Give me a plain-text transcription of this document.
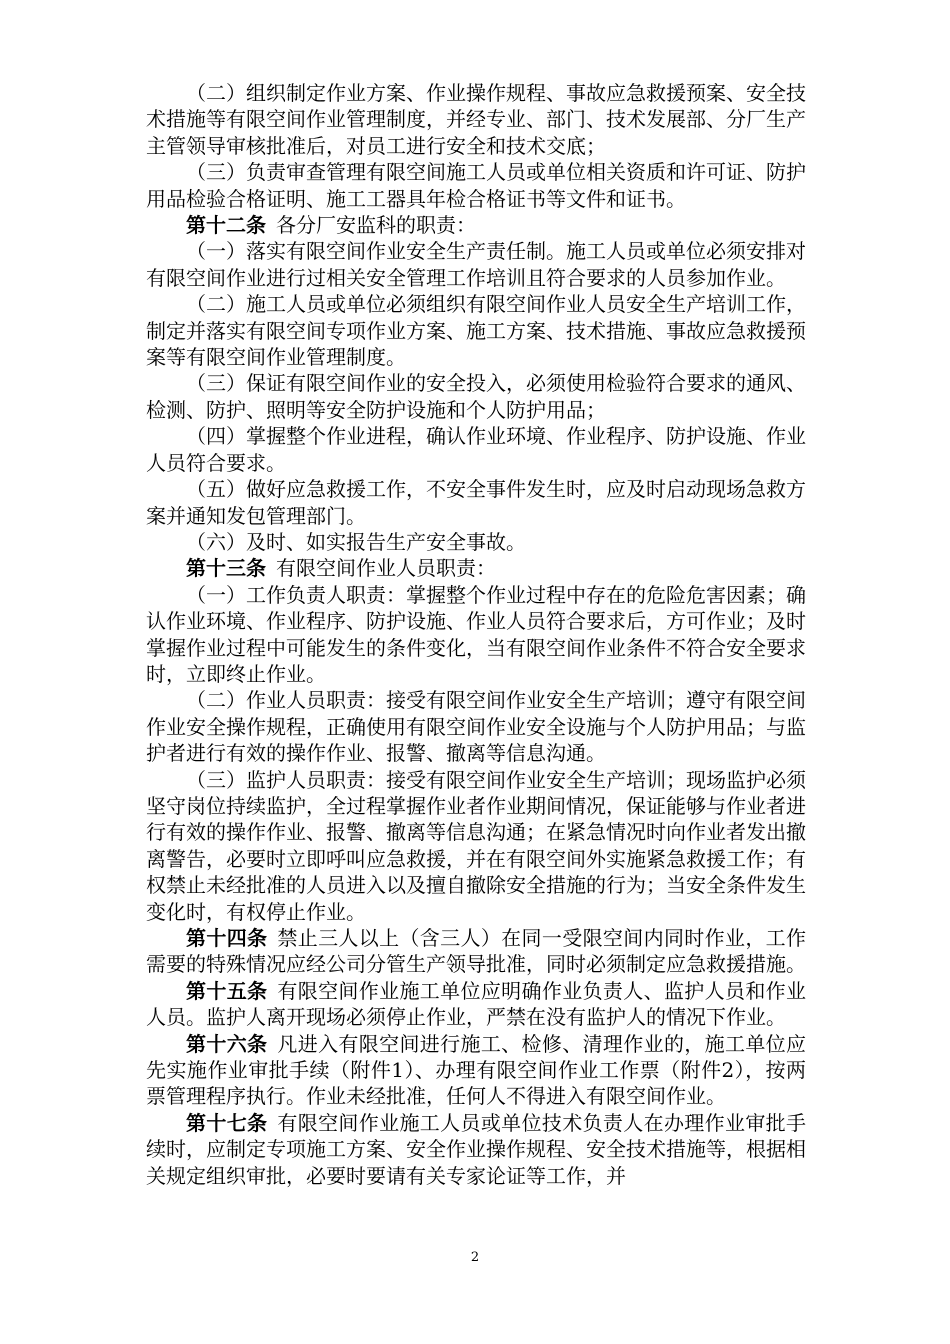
（二）组织制定作业方案、作业操作规程、事故应急救援预案、安全技术措施等有限空间作业管理制度，并经专业、部门、技术发展部、分厂生产主管领导审核批准后，对员工进行安全和技术交底；

（三）负责审查管理有限空间施工人员或单位相关资质和许可证、防护用品检验合格证明、施工工器具年检合格证书等文件和证书。

第十二条 各分厂安监科的职责：

（一）落实有限空间作业安全生产责任制。施工人员或单位必须安排对有限空间作业进行过相关安全管理工作培训且符合要求的人员参加作业。

（二）施工人员或单位必须组织有限空间作业人员安全生产培训工作，制定并落实有限空间专项作业方案、施工方案、技术措施、事故应急救援预案等有限空间作业管理制度。

（三）保证有限空间作业的安全投入，必须使用检验符合要求的通风、检测、防护、照明等安全防护设施和个人防护用品；

（四）掌握整个作业进程，确认作业环境、作业程序、防护设施、作业人员符合要求。

（五）做好应急救援工作，不安全事件发生时，应及时启动现场急救方案并通知发包管理部门。

（六）及时、如实报告生产安全事故。

第十三条 有限空间作业人员职责：

（一）工作负责人职责：掌握整个作业过程中存在的危险危害因素；确认作业环境、作业程序、防护设施、作业人员符合要求后，方可作业；及时掌握作业过程中可能发生的条件变化，当有限空间作业条件不符合安全要求时，立即终止作业。

（二）作业人员职责：接受有限空间作业安全生产培训；遵守有限空间作业安全操作规程，正确使用有限空间作业安全设施与个人防护用品；与监护者进行有效的操作作业、报警、撤离等信息沟通。

（三）监护人员职责：接受有限空间作业安全生产培训；现场监护必须坚守岗位持续监护，全过程掌握作业者作业期间情况，保证能够与作业者进行有效的操作作业、报警、撤离等信息沟通；在紧急情况时向作业者发出撤离警告，必要时立即呼叫应急救援，并在有限空间外实施紧急救援工作；有权禁止未经批准的人员进入以及擅自撤除安全措施的行为；当安全条件发生变化时，有权停止作业。

第十四条 禁止三人以上（含三人）在同一受限空间内同时作业，工作需要的特殊情况应经公司分管生产领导批准，同时必须制定应急救援措施。

第十五条 有限空间作业施工单位应明确作业负责人、监护人员和作业人员。监护人离开现场必须停止作业，严禁在没有监护人的情况下作业。

第十六条 凡进入有限空间进行施工、检修、清理作业的，施工单位应先实施作业审批手续（附件1）、办理有限空间作业工作票（附件2），按两票管理程序执行。作业未经批准，任何人不得进入有限空间作业。

第十七条 有限空间作业施工人员或单位技术负责人在办理作业审批手续时，应制定专项施工方案、安全作业操作规程、安全技术措施等，根据相关规定组织审批，必要时要请有关专家论证等工作，并

2
